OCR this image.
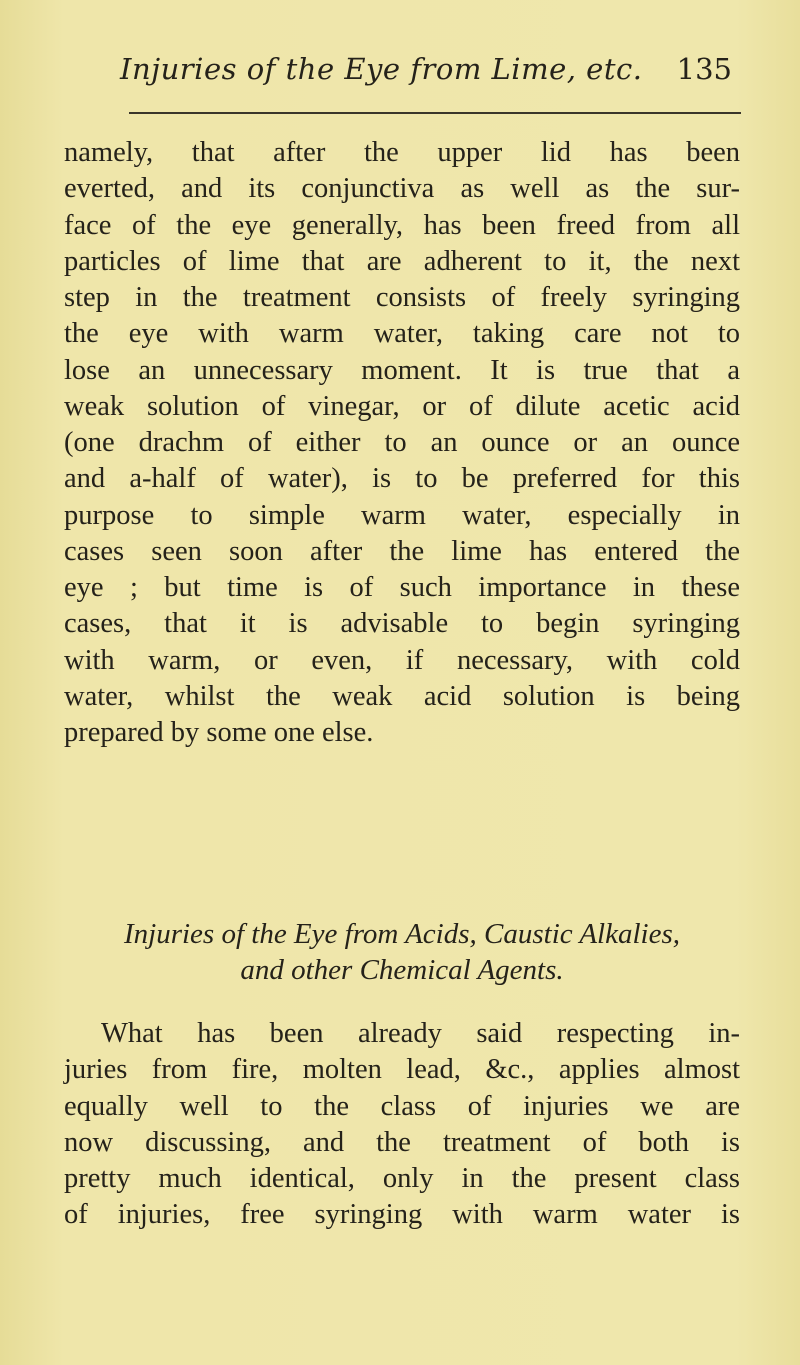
Injuries of the Eye from Lime, etc. 135
namely, that after the upper lid has been
everted, and its conjunctiva as well as the sur-
face of the eye generally, has been freed from all
particles of lime that are adherent to it, the next
step in the treatment consists of freely syringing
the eye with warm water, taking care not to
lose an unnecessary moment. It is true that a
weak solution of vinegar, or of dilute acetic acid
(one drachm of either to an ounce or an ounce
and a-half of water), is to be preferred for this
purpose to simple warm water, especially in
cases seen soon after the lime has entered the
eye ; but time is of such importance in these
cases, that it is advisable to begin syringing
with warm, or even, if necessary, with cold
water, whilst the weak acid solution is being
prepared by some one else.
Injuries of the Eye from Acids, Caustic Alkalies,
and other Chemical Agents.
What has been already said respecting in-
juries from fire, molten lead, &c., applies almost
equally well to the class of injuries we are
now discussing, and the treatment of both is
pretty much identical, only in the present class
of injuries, free syringing with warm water is
